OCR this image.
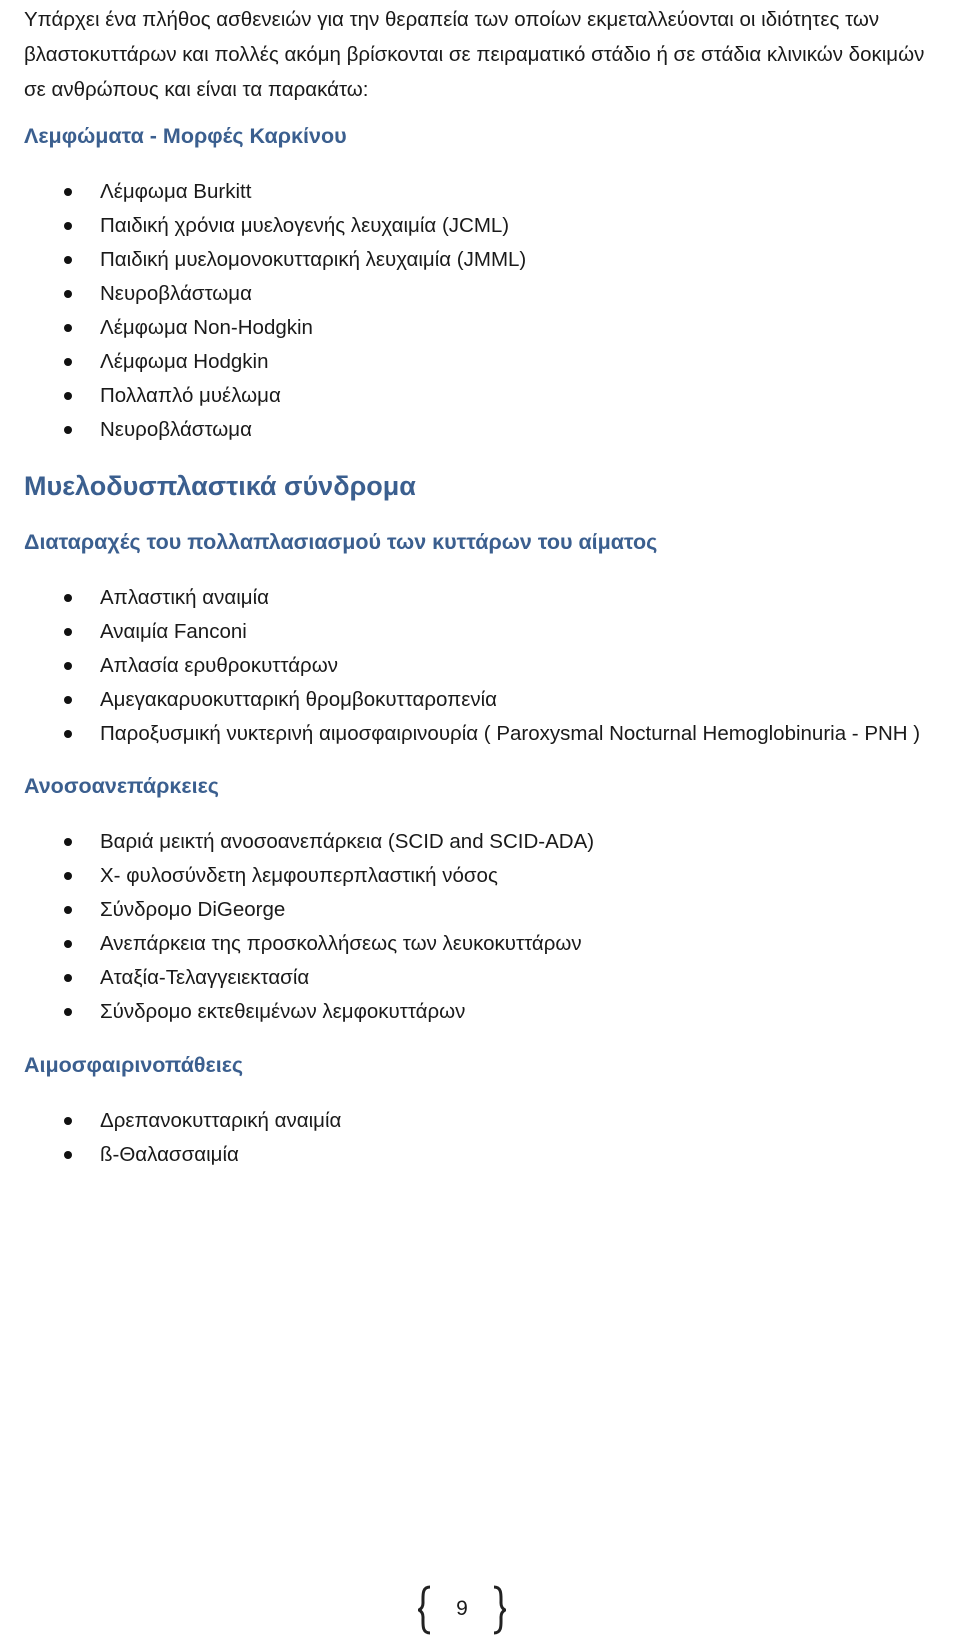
Υπάρχει ένα πλήθος ασθενειών για την θεραπεία των οποίων εκμεταλλεύονται οι ιδιότητες των βλαστοκυττάρων και πολλές ακόμη βρίσκονται σε πειραματικό στάδιο ή σε στάδια κλινικών δοκιμών σε ανθρώπους και είναι τα παρακάτω:

Λεμφώματα - Μορφές Καρκίνου
Λέμφωμα Burkitt
Παιδική χρόνια μυελογενής λευχαιμία (JCML)
Παιδική μυελομονοκυτταρική λευχαιμία (JMML)
Νευροβλάστωμα
Λέμφωμα Non-Hodgkin
Λέμφωμα Hodgkin
Πολλαπλό μυέλωμα
Νευροβλάστωμα
Μυελοδυσπλαστικά σύνδρομα
Διαταραχές του πολλαπλασιασμού των κυττάρων του αίματος
Απλαστική αναιμία
Αναιμία Fanconi
Απλασία ερυθροκυττάρων
Αμεγακαρυοκυτταρική θρομβοκυτταροπενία
Παροξυσμική νυκτερινή αιμοσφαιρινουρία ( Paroxysmal Nocturnal Hemoglobinuria - PNH )
Ανοσοανεπάρκειες
Βαριά μεικτή ανοσοανεπάρκεια (SCID and SCID-ADA)
Χ- φυλοσύνδετη λεμφουπερπλαστική νόσος
Σύνδρομο DiGeorge
Ανεπάρκεια της προσκολλήσεως των λευκοκυττάρων
Αταξία-Τελαγγειεκτασία
Σύνδρομο εκτεθειμένων λεμφοκυττάρων
Αιμοσφαιρινοπάθειες
Δρεπανοκυτταρική αναιμία
ß-Θαλασσαιμία
9
